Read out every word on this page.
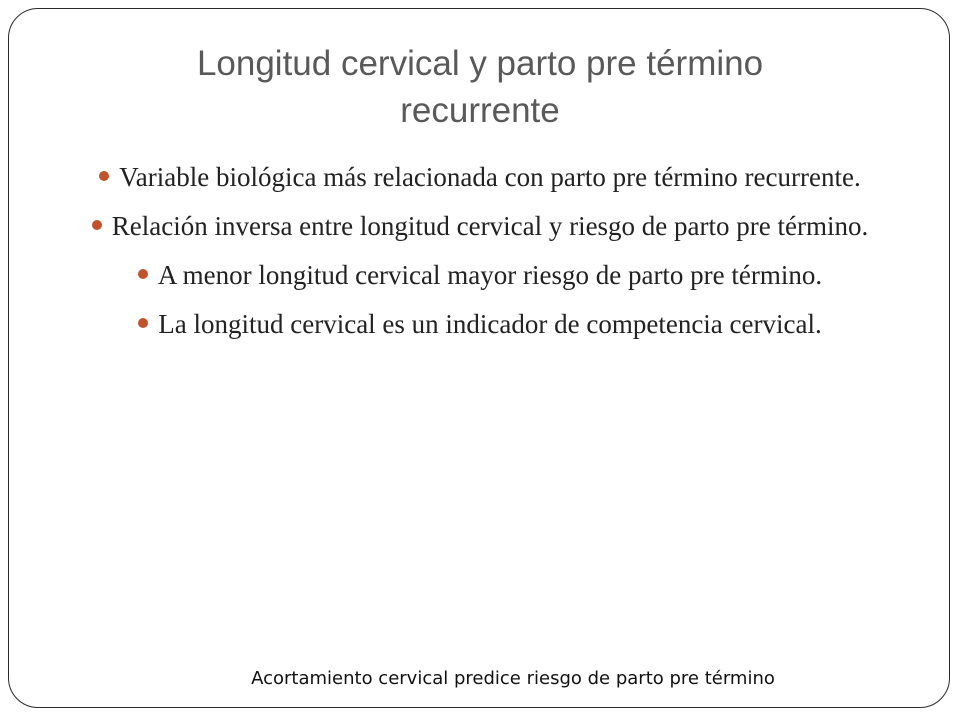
Longitud cervical y parto pre término recurrente
Variable biológica más relacionada con parto pre término recurrente.
Relación inversa entre longitud cervical y riesgo de parto pre término.
A menor longitud cervical mayor riesgo de parto pre término.
La longitud cervical es un indicador de competencia cervical.

Acortamiento cervical predice riesgo de parto pre término
